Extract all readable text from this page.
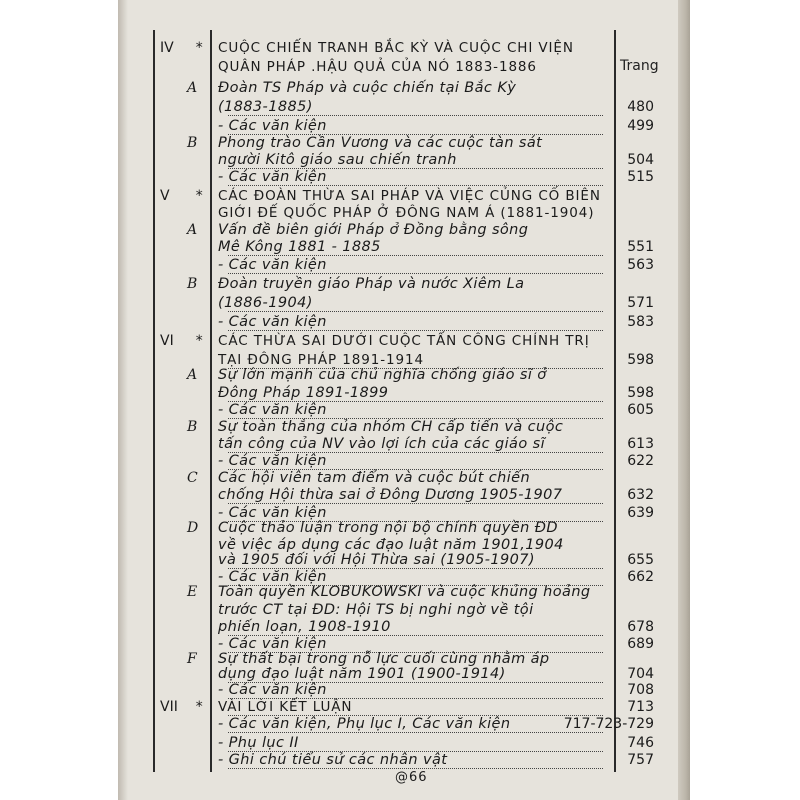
Trang
IV * CUỘC CHIẾN TRANH BẮC KỲ VÀ CUỘC CHI VIỆN
QUÂN PHÁP .HẬU QUẢ CỦA NÓ 1883-1886
A Đoàn TS Pháp và cuộc chiến tại Bắc Kỳ
(1883-1885)	480
- Các văn kiện	499
B Phong trào Cần Vương và các cuộc tàn sát
người Kitô giáo sau chiến tranh	504
- Các văn kiện	515
V * CÁC ĐOÀN THỪA SAI PHÁP VÀ VIỆC CỦNG CỐ BIÊN
GIỚI ĐẾ QUỐC PHÁP Ở ĐÔNG NAM Á (1881-1904)
A Vấn đề biên giới Pháp ở Đồng bằng sông
Mê Kông 1881 - 1885	551
- Các văn kiện	563
B Đoàn truyền giáo Pháp và nước Xiêm La
(1886-1904)	571
- Các văn kiện	583
VI * CÁC THỪA SAI DƯỚI CUỘC TẤN CÔNG CHÍNH TRỊ
TẠI ĐÔNG PHÁP 1891-1914	598
A Sự lớn mạnh của chủ nghĩa chống giáo sĩ ở
Đông Pháp 1891-1899	598
- Các văn kiện	605
B Sự toàn thắng của nhóm CH cấp tiến và cuộc
tấn công của NV vào lợi ích của các giáo sĩ	613
- Các văn kiện	622
C Các hội viên tam điểm và cuộc bút chiến
chống Hội thừa sai ở Đông Dương 1905-1907	632
- Các văn kiện	639
D Cuộc thảo luận trong nội bộ chính quyền ĐD
về việc áp dụng các đạo luật năm 1901,1904
và 1905 đối với Hội Thừa sai (1905-1907)	655
- Các văn kiện	662
E Toàn quyền KLOBUKOWSKI và cuộc khủng hoảng
trước CT tại ĐD: Hội TS bị nghi ngờ về tội
phiến loạn, 1908-1910	678
- Các văn kiện	689
F Sự thất bại trong nỗ lực cuối cùng nhằm áp
dụng đạo luật năm 1901 (1900-1914)	704
- Các văn kiện	708
VII * VÀI LỜI KẾT LUẬN	713
- Các văn kiện, Phụ lục I, Các văn kiện	717-723-729
- Phụ lục II	746
- Ghi chú tiểu sử các nhân vật	757
@66
